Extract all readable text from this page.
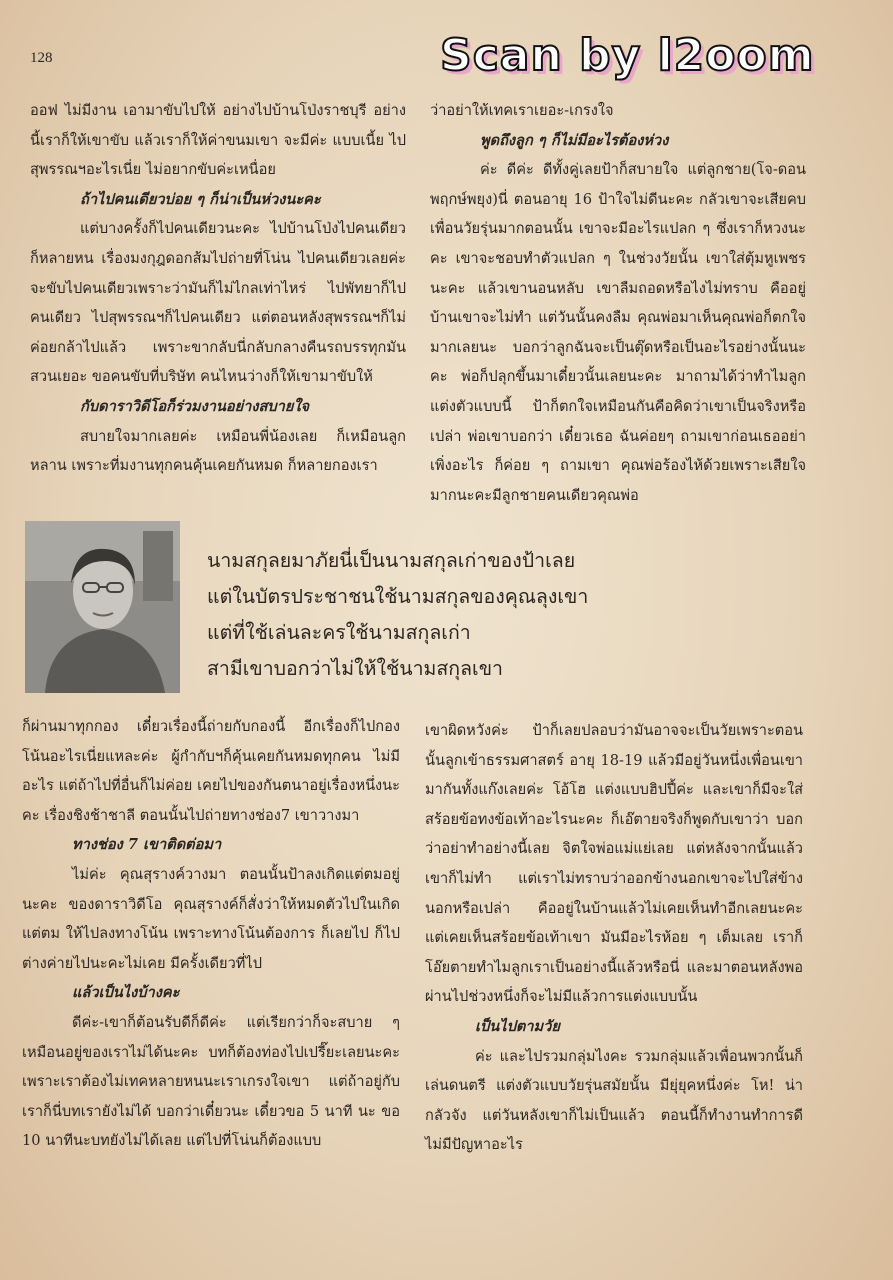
128	Scan by l2oom

ออฟ ไม่มีงาน เอามาขับไปให้ อย่างไปบ้านโป่งราชบุรี อย่างนี้เราก็ให้เขาขับ แล้วเราก็ให้ค่าขนมเขา จะมีค่ะ แบบเนี้ย ไปสุพรรณฯอะไรเนี่ย ไม่อยากขับค่ะเหนื่อย

ถ้าไปคนเดียวบ่อย ๆ ก็น่าเป็นห่วงนะคะ

แต่บางครั้งก็ไปคนเดียวนะคะ ไปบ้านโป่งไปคนเดียวก็หลายหน เรื่องมงกุฎดอกส้มไปถ่ายที่โน่น ไปคนเดียวเลยค่ะ จะขับไปคนเดียวเพราะว่ามันก็ไม่ไกลเท่าไหร่ ไปพัทยาก็ไปคนเดียว ไปสุพรรณฯก็ไปคนเดียว แต่ตอนหลังสุพรรณฯก็ไม่ค่อยกล้าไปแล้ว เพราะขากลับนี่กลับกลางคืนรถบรรทุกมันสวนเยอะ ขอคนขับที่บริษัท คนไหนว่างก็ให้เขามาขับให้

กับดาราวิดีโอก็ร่วมงานอย่างสบายใจ

สบายใจมากเลยค่ะ เหมือนพี่น้องเลย ก็เหมือนลูกหลาน เพราะที่มงานทุกคนคุ้นเคยกันหมด ก็หลายกองเรา

ว่าอย่าให้เทคเราเยอะ-เกรงใจ

พูดถึงลูก ๆ ก็ไม่มีอะไรต้องห่วง

ค่ะ ดีค่ะ ดีทั้งคู่เลยป้าก็สบายใจ แต่ลูกชาย(โจ-ดอน พฤกษ์พยุง)นี่ ตอนอายุ 16 ป้าใจไม่ดีนะคะ กลัวเขาจะเสียคบเพื่อนวัยรุ่นมากตอนนั้น เขาจะมีอะไรแปลก ๆ ซึ่งเราก็หวงนะคะ เขาจะชอบทำตัวแปลก ๆ ในช่วงวัยนั้น เขาใส่ตุ้มหูเพชรนะคะ แล้วเขานอนหลับ เขาลืมถอดหรือไงไม่ทราบ คืออยู่บ้านเขาจะไม่ทำ แต่วันนั้นคงลืม คุณพ่อมาเห็นคุณพ่อก็ตกใจมากเลยนะ บอกว่าลูกฉันจะเป็นตุ๊ดหรือเป็นอะไรอย่างนั้นนะคะ พ่อก็ปลุกขึ้นมาเดี๋ยวนั้นเลยนะคะ มาถามได้ว่าทำไมลูกแต่งตัวแบบนี้ ป้าก็ตกใจเหมือนกันคือคิดว่าเขาเป็นจริงหรือเปล่า พ่อเขาบอกว่า เดี๋ยวเธอ ฉันค่อยๆ ถามเขาก่อนเธออย่าเพิ่งอะไร ก็ค่อย ๆ ถามเขา คุณพ่อร้องไห้ด้วยเพราะเสียใจมากนะคะมีลูกชายคนเดียวคุณพ่อ

นามสกุลยมาภัยนี่เป็นนามสกุลเก่าของป้าเลย
แต่ในบัตรประชาชนใช้นามสกุลของคุณลุงเขา
แต่ที่ใช้เล่นละครใช้นามสกุลเก่า
สามีเขาบอกว่าไม่ให้ใช้นามสกุลเขา

ก็ผ่านมาทุกกอง เดี๋ยวเรื่องนี้ถ่ายกับกองนี้ อีกเรื่องก็ไปกองโน้นอะไรเนี่ยแหละค่ะ ผู้กำกับฯก็คุ้นเคยกันหมดทุกคน ไม่มีอะไร แต่ถ้าไปที่อื่นก็ไม่ค่อย เคยไปของกันตนาอยู่เรื่องหนึ่งนะคะ เรื่องชิงช้าชาลี ตอนนั้นไปถ่ายทางช่อง7 เขาวางมา

ทางช่อง 7 เขาติดต่อมา

ไม่ค่ะ คุณสุรางค์วางมา ตอนนั้นป้าลงเกิดแต่ตมอยู่นะคะ ของดาราวิดีโอ คุณสุรางค์ก็สั่งว่าให้หมดตัวไปในเกิดแต่ตม ให้ไปลงทางโน้น เพราะทางโน้นต้องการ ก็เลยไป ก็ไปต่างค่ายไปนะคะไม่เคย มีครั้งเดียวที่ไป

แล้วเป็นไงบ้างคะ

ดีค่ะ-เขาก็ต้อนรับดีก็ดีค่ะ แต่เรียกว่าก็จะสบาย ๆ เหมือนอยู่ของเราไม่ได้นะคะ บทก็ต้องท่องไปเปรี๊ยะเลยนะคะ เพราะเราต้องไม่เทคหลายหนนะเราเกรงใจเขา แต่ถ้าอยู่กับเราก็นี่บทเรายังไม่ได้ บอกว่าเดี๋ยวนะ เดี๋ยวขอ 5 นาที นะ ขอ 10 นาทีนะบทยังไม่ได้เลย แต่ไปที่โน่นก็ต้องแบบ

เขาผิดหวังค่ะ ป้าก็เลยปลอบว่ามันอาจจะเป็นวัยเพราะตอนนั้นลูกเข้าธรรมศาสตร์ อายุ 18-19 แล้วมีอยู่วันหนึ่งเพื่อนเขามากันทั้งแก๊งเลยค่ะ โอ้โฮ แต่งแบบฮิปปี้ค่ะ และเขาก็มีจะใส่สร้อยข้อทงข้อเท้าอะไรนะคะ ก็เอ๊ตายจริงก็พูดกับเขาว่า บอกว่าอย่าทำอย่างนี้เลย จิตใจพ่อแม่แย่เลย แต่หลังจากนั้นแล้วเขาก็ไม่ทำ แต่เราไม่ทราบว่าออกข้างนอกเขาจะไปใส่ข้างนอกหรือเปล่า คืออยู่ในบ้านแล้วไม่เคยเห็นทำอีกเลยนะคะ แต่เคยเห็นสร้อยข้อเท้าเขา มันมีอะไรห้อย ๆ เต็มเลย เราก็โอ๊ยตายทำไมลูกเราเป็นอย่างนี้แล้วหรือนี่ และมาตอนหลังพอผ่านไปช่วงหนึ่งก็จะไม่มีแล้วการแต่งแบบนั้น

เป็นไปตามวัย

ค่ะ และไปรวมกลุ่มไงคะ รวมกลุ่มแล้วเพื่อนพวกนั้นก็เล่นดนตรี แต่งตัวแบบวัยรุ่นสมัยนั้น มียุ่ยุคหนึ่งค่ะ โห! น่ากลัวจัง แต่วันหลังเขาก็ไม่เป็นแล้ว ตอนนี้ก็ทำงานทำการดีไม่มีปัญหาอะไร
